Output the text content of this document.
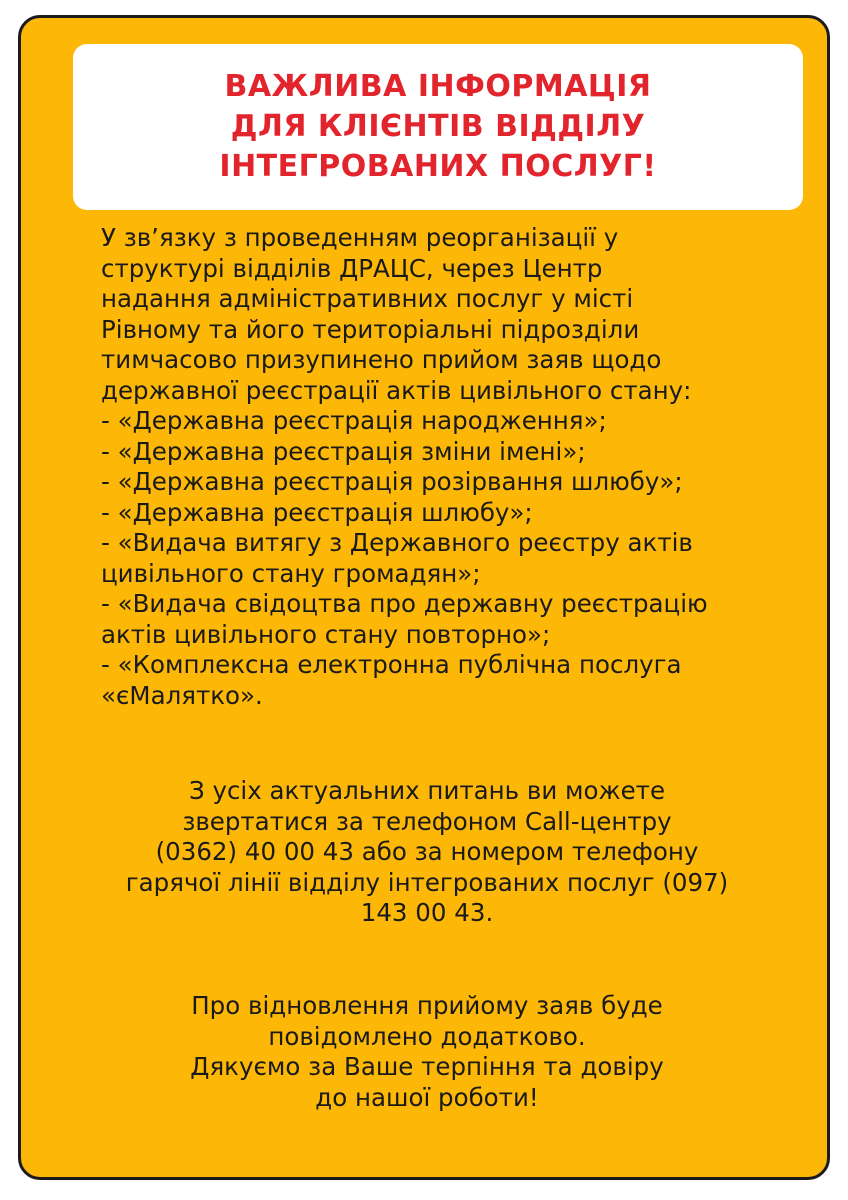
ВАЖЛИВА ІНФОРМАЦІЯ
ДЛЯ КЛІЄНТІВ ВІДДІЛУ
ІНТЕГРОВАНИХ ПОСЛУГ!
У зв’язку з проведенням реорганізації у
структурі відділів ДРАЦС, через Центр
надання адміністративних послуг у місті
Рівному та його територіальні підрозділи
тимчасово призупинено прийом заяв щодо
державної реєстрації актів цивільного стану:
- «Державна реєстрація народження»;
- «Державна реєстрація зміни імені»;
- «Державна реєстрація розірвання шлюбу»;
- «Державна реєстрація шлюбу»;
- «Видача витягу з Державного реєстру актів
цивільного стану громадян»;
- «Видача свідоцтва про державну реєстрацію
актів цивільного стану повторно»;
- «Комплексна електронна публічна послуга
«єМалятко».
З усіх актуальних питань ви можете
звертатися за телефоном Call-центру
(0362) 40 00 43 або за номером телефону
гарячої лінії відділу інтегрованих послуг (097)
143 00 43.
Про відновлення прийому заяв буде
повідомлено додатково.
Дякуємо за Ваше терпіння та довіру
до нашої роботи!
